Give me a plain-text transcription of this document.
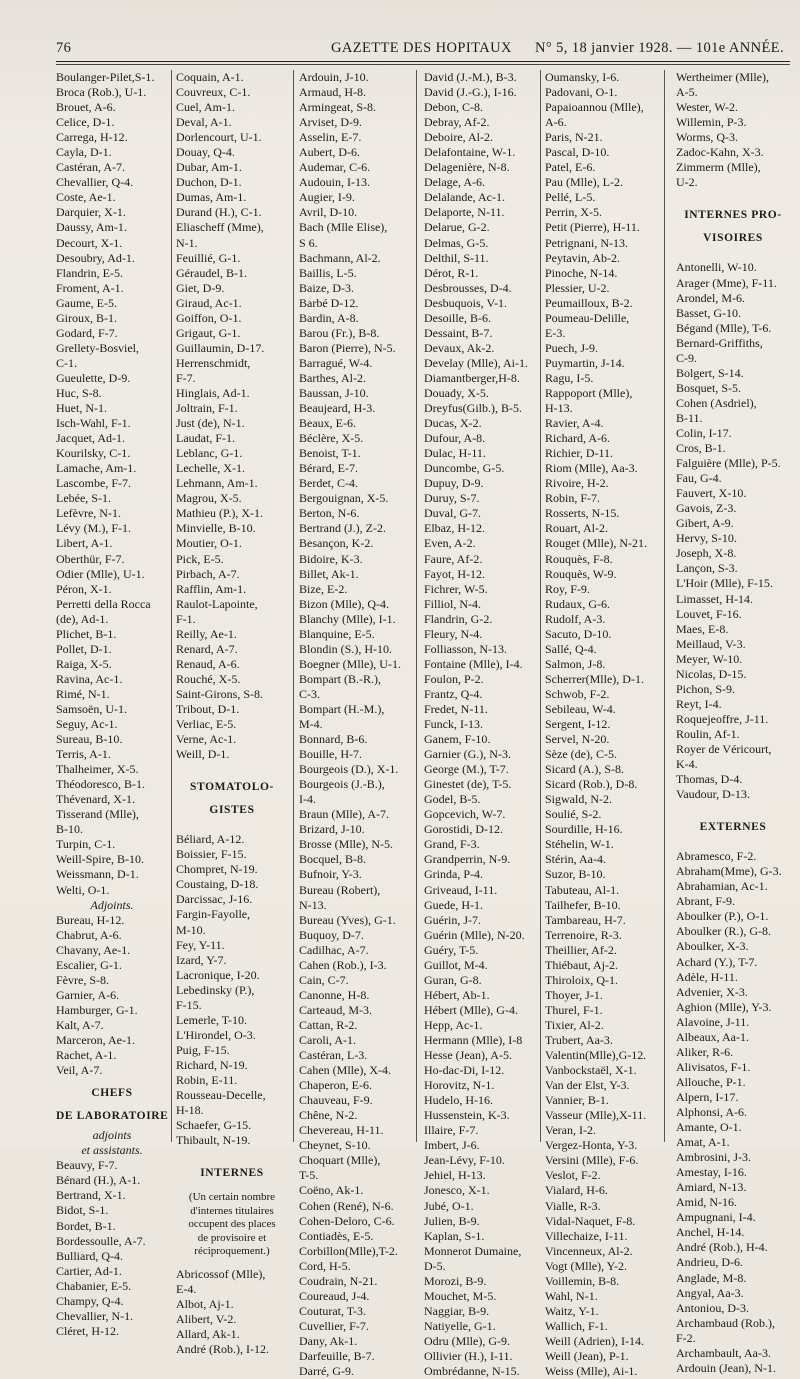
76	GAZETTE DES HOPITAUX N° 5, 18 janvier 1928. — 101e ANNÉE.
Boulanger-Pilet,S-1.
Broca (Rob.), U-1.
Brouet, A-6.
Celice, D-1.
Carrega, H-12.
Cayla, D-1.
Castéran, A-7.
Chevallier, Q-4.
Coste, Ae-1.
Darquier, X-1.
Daussy, Am-1.
Decourt, X-1.
Desoubry, Ad-1.
Flandrin, E-5.
Froment, A-1.
Gaume, E-5.
Giroux, B-1.
Godard, F-7.
Grellety-Bosviel,
C-1.
Gueulette, D-9.
Huc, S-8.
Huet, N-1.
Isch-Wahl, F-1.
Jacquet, Ad-1.
Kourilsky, C-1.
Lamache, Am-1.
Lascombe, F-7.
Lebée, S-1.
Lefèvre, N-1.
Lévy (M.), F-1.
Libert, A-1.
Oberthür, F-7.
Odier (Mlle), U-1.
Péron, X-1.
Perretti della Rocca
(de), Ad-1.
Plichet, B-1.
Pollet, D-1.
Raiga, X-5.
Ravina, Ac-1.
Rimé, N-1.
Samsoën, U-1.
Seguy, Ac-1.
Sureau, B-10.
Terris, A-1.
Thalheimer, X-5.
Théodoresco, B-1.
Thévenard, X-1.
Tisserand (Mlle),
B-10.
Turpin, C-1.
Weill-Spire, B-10.
Weissmann, D-1.
Welti, O-1.
Adjoints.
Bureau, H-12.
Chabrut, A-6.
Chavany, Ae-1.
Escalier, G-1.
Fèvre, S-8.
Garnier, A-6.
Hamburger, G-1.
Kalt, A-7.
Marceron, Ae-1.
Rachet, A-1.
Veil, A-7.
CHEFS
DE LABORATOIRE
adjoints
et assistants.
Beauvy, F-7.
Bénard (H.), A-1.
Bertrand, X-1.
Bidot, S-1.
Bordet, B-1.
Bordessoulle, A-7.
Bulliard, Q-4.
Cartier, Ad-1.
Chabanier, E-5.
Champy, Q-4.
Chevallier, N-1.
Cléret, H-12.
Coquain, A-1.
Couvreux, C-1.
Cuel, Am-1.
Deval, A-1.
Dorlencourt, U-1.
Douay, Q-4.
Dubar, Am-1.
Duchon, D-1.
Dumas, Am-1.
Durand (H.), C-1.
Eliascheff (Mme),
N-1.
Feuillié, G-1.
Géraudel, B-1.
Giet, D-9.
Giraud, Ac-1.
Goiffon, O-1.
Grigaut, G-1.
Guillaumin, D-17.
Herrenschmidt,
F-7.
Hinglais, Ad-1.
Joltrain, F-1.
Just (de), N-1.
Laudat, F-1.
Leblanc, G-1.
Lechelle, X-1.
Lehmann, Am-1.
Magrou, X-5.
Mathieu (P.), X-1.
Minvielle, B-10.
Moutier, O-1.
Pick, E-5.
Pirbach, A-7.
Rafflin, Am-1.
Raulot-Lapointe,
F-1.
Reilly, Ae-1.
Renard, A-7.
Renaud, A-6.
Rouché, X-5.
Saint-Girons, S-8.
Tribout, D-1.
Verliac, E-5.
Verne, Ac-1.
Weill, D-1.
STOMATOLO-
GISTES
Béliard, A-12.
Boissier, F-15.
Chompret, N-19.
Coustaing, D-18.
Darcissac, J-16.
Fargin-Fayolle,
M-10.
Fey, Y-11.
Izard, Y-7.
Lacronique, I-20.
Lebedinsky (P.),
F-15.
Lemerle, T-10.
L'Hirondel, O-3.
Puig, F-15.
Richard, N-19.
Robin, E-11.
Rousseau-Decelle,
H-18.
Schaefer, G-15.
Thibault, N-19.
INTERNES
(Un certain nombre d'internes titulaires occupent des places de provisoire et réciproquement.)
Abricossof (Mlle),
E-4.
Albot, Aj-1.
Alibert, V-2.
Allard, Ak-1.
André (Rob.), I-12.
Ardouin, J-10.
Armaud, H-8.
Armingeat, S-8.
Arviset, D-9.
Asselin, E-7.
Aubert, D-6.
Audemar, C-6.
Audouin, I-13.
Augier, I-9.
Avril, D-10.
Bach (Mlle Elise),
S 6.
Bachmann, Al-2.
Baillis, L-5.
Baize, D-3.
Barbé D-12.
Bardin, A-8.
Barou (Fr.), B-8.
Baron (Pierre), N-5.
Barragué, W-4.
Barthes, Al-2.
Baussan, J-10.
Beaujeard, H-3.
Beaux, E-6.
Béclère, X-5.
Benoist, T-1.
Bérard, E-7.
Berdet, C-4.
Bergouignan, X-5.
Berton, N-6.
Bertrand (J.), Z-2.
Besançon, K-2.
Bidoire, K-3.
Billet, Ak-1.
Bize, E-2.
Bizon (Mlle), Q-4.
Blanchy (Mlle), I-1.
Blanquine, E-5.
Blondin (S.), H-10.
Boegner (Mlle), U-1.
Bompart (B.-R.),
C-3.
Bompart (H.-M.),
M-4.
Bonnard, B-6.
Bouille, H-7.
Bourgeois (D.), X-1.
Bourgeois (J.-B.),
I-4.
Braun (Mlle), A-7.
Brizard, J-10.
Brosse (Mlle), N-5.
Bocquel, B-8.
Bufnoir, Y-3.
Bureau (Robert),
N-13.
Bureau (Yves), G-1.
Buquoy, D-7.
Cadilhac, A-7.
Cahen (Rob.), I-3.
Cain, C-7.
Canonne, H-8.
Carteaud, M-3.
Cattan, R-2.
Caroli, A-1.
Castéran, L-3.
Cahen (Mlle), X-4.
Chaperon, E-6.
Chauveau, F-9.
Chêne, N-2.
Chevereau, H-11.
Cheynet, S-10.
Choquart (Mlle),
T-5.
Coëno, Ak-1.
Cohen (René), N-6.
Cohen-Deloro, C-6.
Contiadès, E-5.
Corbillon(Mlle),T-2.
Cord, H-5.
Coudrain, N-21.
Coureaud, J-4.
Couturat, T-3.
Cuvellier, F-7.
Dany, Ak-1.
Darfeuille, B-7.
Darré, G-9.
David (J.-M.), B-3.
David (J.-G.), I-16.
Debon, C-8.
Debray, Af-2.
Deboire, Al-2.
Delafontaine, W-1.
Delagenière, N-8.
Delage, A-6.
Delalande, Ac-1.
Delaporte, N-11.
Delarue, G-2.
Delmas, G-5.
Delthil, S-11.
Dérot, R-1.
Desbrousses, D-4.
Desbuquois, V-1.
Desoille, B-6.
Dessaint, B-7.
Devaux, Ak-2.
Develay (Mlle), Ai-1.
Diamantberger,H-8.
Douady, X-5.
Dreyfus(Gilb.), B-5.
Ducas, X-2.
Dufour, A-8.
Dulac, H-11.
Duncombe, G-5.
Dupuy, D-9.
Duruy, S-7.
Duval, G-7.
Elbaz, H-12.
Even, A-2.
Faure, Af-2.
Fayot, H-12.
Fichrer, W-5.
Filliol, N-4.
Flandrin, G-2.
Fleury, N-4.
Folliasson, N-13.
Fontaine (Mlle), I-4.
Foulon, P-2.
Frantz, Q-4.
Fredet, N-11.
Funck, I-13.
Ganem, F-10.
Garnier (G.), N-3.
George (M.), T-7.
Ginestet (de), T-5.
Godel, B-5.
Gopcevich, W-7.
Gorostidi, D-12.
Grand, F-3.
Grandperrin, N-9.
Grinda, P-4.
Griveaud, I-11.
Guede, H-1.
Guérin, J-7.
Guérin (Mlle), N-20.
Guéry, T-5.
Guillot, M-4.
Guran, G-8.
Hébert, Ab-1.
Hébert (Mlle), G-4.
Hepp, Ac-1.
Hermann (Mlle), I-8
Hesse (Jean), A-5.
Ho-dac-Di, I-12.
Horovitz, N-1.
Hudelo, H-16.
Hussenstein, K-3.
Illaire, F-7.
Imbert, J-6.
Jean-Lévy, F-10.
Jehiel, H-13.
Jonesco, X-1.
Jubé, O-1.
Julien, B-9.
Kaplan, S-1.
Monnerot Dumaine,
D-5.
Morozi, B-9.
Mouchet, M-5.
Naggiar, B-9.
Natiyelle, G-1.
Odru (Mlle), G-9.
Ollivier (H.), I-11.
Ombrédanne, N-15.
Oumansky, I-6.
Padovani, O-1.
Papaioannou (Mlle),
A-6.
Paris, N-21.
Pascal, D-10.
Patel, E-6.
Pau (Mlle), L-2.
Pellé, L-5.
Perrin, X-5.
Petit (Pierre), H-11.
Petrignani, N-13.
Peytavin, Ab-2.
Pinoche, N-14.
Plessier, U-2.
Peumailloux, B-2.
Poumeau-Delille,
E-3.
Puech, J-9.
Puymartin, J-14.
Ragu, I-5.
Rappoport (Mlle),
H-13.
Ravier, A-4.
Richard, A-6.
Richier, D-11.
Riom (Mlle), Aa-3.
Rivoire, H-2.
Robin, F-7.
Rosserts, N-15.
Rouart, Al-2.
Rouget (Mlle), N-21.
Rouquès, F-8.
Rouquès, W-9.
Roy, F-9.
Rudaux, G-6.
Rudolf, A-3.
Sacuto, D-10.
Sallé, Q-4.
Salmon, J-8.
Scherrer(Mlle), D-1.
Schwob, F-2.
Sebileau, W-4.
Sergent, I-12.
Servel, N-20.
Sèze (de), C-5.
Sicard (A.), S-8.
Sicard (Rob.), D-8.
Sigwald, N-2.
Soulié, S-2.
Sourdille, H-16.
Stéhelin, W-1.
Stérin, Aa-4.
Suzor, B-10.
Tabuteau, Al-1.
Tailhefer, B-10.
Tambareau, H-7.
Terrenoire, R-3.
Theillier, Af-2.
Thiébaut, Aj-2.
Thiroloix, Q-1.
Thoyer, J-1.
Thurel, F-1.
Tixier, Al-2.
Trubert, Aa-3.
Valentin(Mlle),G-12.
Vanbockstaël, X-1.
Van der Elst, Y-3.
Vannier, B-1.
Vasseur (Mlle),X-11.
Veran, I-2.
Vergez-Honta, Y-3.
Versini (Mlle), F-6.
Veslot, F-2.
Vialard, H-6.
Vialle, R-3.
Vidal-Naquet, F-8.
Villechaize, I-11.
Vincenneux, Al-2.
Vogt (Mlle), Y-2.
Voillemin, B-8.
Wahl, N-1.
Waitz, Y-1.
Wallich, F-1.
Weill (Adrien), I-14.
Weill (Jean), P-1.
Weiss (Mlle), Ai-1.
Wertheimer (Mlle),
A-5.
Wester, W-2.
Willemin, P-3.
Worms, Q-3.
Zadoc-Kahn, X-3.
Zimmerm (Mlle),
U-2.
INTERNES PRO-
VISOIRES
Antonelli, W-10.
Arager (Mme), F-11.
Arondel, M-6.
Basset, G-10.
Bégand (Mlle), T-6.
Bernard-Griffiths,
C-9.
Bolgert, S-14.
Bosquet, S-5.
Cohen (Asdriel),
B-11.
Colin, I-17.
Cros, B-1.
Falguière (Mlle), P-5.
Fau, G-4.
Fauvert, X-10.
Gavois, Z-3.
Gibert, A-9.
Hervy, S-10.
Joseph, X-8.
Lançon, S-3.
L'Hoir (Mlle), F-15.
Limasset, H-14.
Louvet, F-16.
Maes, E-8.
Meillaud, V-3.
Meyer, W-10.
Nicolas, D-15.
Pichon, S-9.
Reyt, I-4.
Roquejeoffre, J-11.
Roulin, Af-1.
Royer de Véricourt,
K-4.
Thomas, D-4.
Vaudour, D-13.
EXTERNES
Abramesco, F-2.
Abraham(Mme), G-3.
Abrahamian, Ac-1.
Abrant, F-9.
Aboulker (P.), O-1.
Aboulker (R.), G-8.
Aboulker, X-3.
Achard (Y.), T-7.
Adèle, H-11.
Advenier, X-3.
Aghion (Mlle), Y-3.
Alavoine, J-11.
Albeaux, Aa-1.
Aliker, R-6.
Alivisatos, F-1.
Allouche, P-1.
Alpern, I-17.
Alphonsi, A-6.
Amante, O-1.
Amat, A-1.
Ambrosini, J-3.
Amestay, I-16.
Amiard, N-13.
Amid, N-16.
Ampugnani, I-4.
Anchel, H-14.
André (Rob.), H-4.
Andrieu, D-6.
Anglade, M-8.
Angyal, Aa-3.
Antoniou, D-3.
Archambaud (Rob.),
F-2.
Archambault, Aa-3.
Ardouin (Jean), N-1.
